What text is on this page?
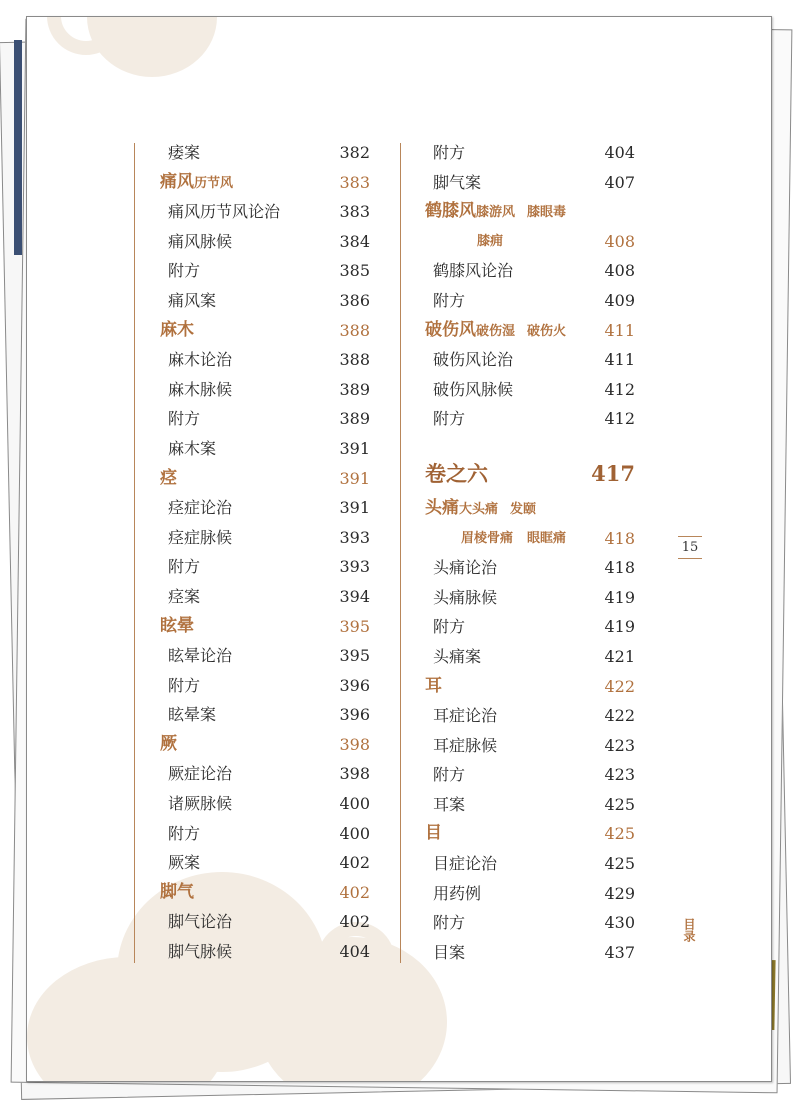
痿案	382
痛风历节风	383
痛风历节风论治	383
痛风脉候	384
附方	385
痛风案	386
麻木	388
麻木论治	388
麻木脉候	389
附方	389
麻木案	391
痉	391
痉症论治	391
痉症脉候	393
附方	393
痉案	394
眩晕	395
眩晕论治	395
附方	396
眩晕案	396
厥	398
厥症论治	398
诸厥脉候	400
附方	400
厥案	402
脚气	402
脚气论治	402
脚气脉候	404
附方	404
脚气案	407
鹤膝风膝游风 膝眼毒
膝痈	408
鹤膝风论治	408
附方	409
破伤风破伤湿 破伤火 411
破伤风论治	411
破伤风脉候	412
附方	412
卷之六	417
头痛大头痛 发颐
眉棱骨痛 眼眶痛 418
头痛论治	418
头痛脉候	419
附方	419
头痛案	421
耳	422
耳症论治	422
耳症脉候	423
附方	423
耳案	425
目	425
目症论治	425
用药例	429
附方	430
目案	437
15
目录
